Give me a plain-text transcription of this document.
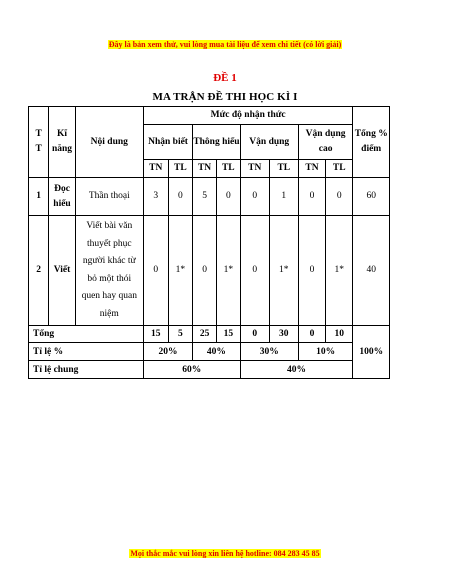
Đây là bản xem thử, vui lòng mua tài liệu để xem chi tiết (có lời giải)
ĐỀ 1
MA TRẬN ĐỀ THI HỌC KÌ I
T
T	Kĩ năng	Nội dung	Mức độ nhận thức								Tổng % điểm
			Nhận biết		Thông hiểu		Vận dụng		Vận dụng cao		
			TN	TL	TN	TL	TN	TL	TN	TL	
1	Đọc hiểu	Thần thoại	3	0	5	0	0	1	0	0	60
2	Viết	Viết bài văn thuyết phục người khác từ bỏ một thói quen hay quan niệm	0	1*	0	1*	0	1*	0	1*	40
Tổng			15	5	25	15	0	30	0	10	100%
Tỉ lệ %			20%		40%		30%		10%		
Tỉ lệ chung			60%				40%				
Mọi thắc mắc vui lòng xin liên hệ hotline: 084 283 45 85
